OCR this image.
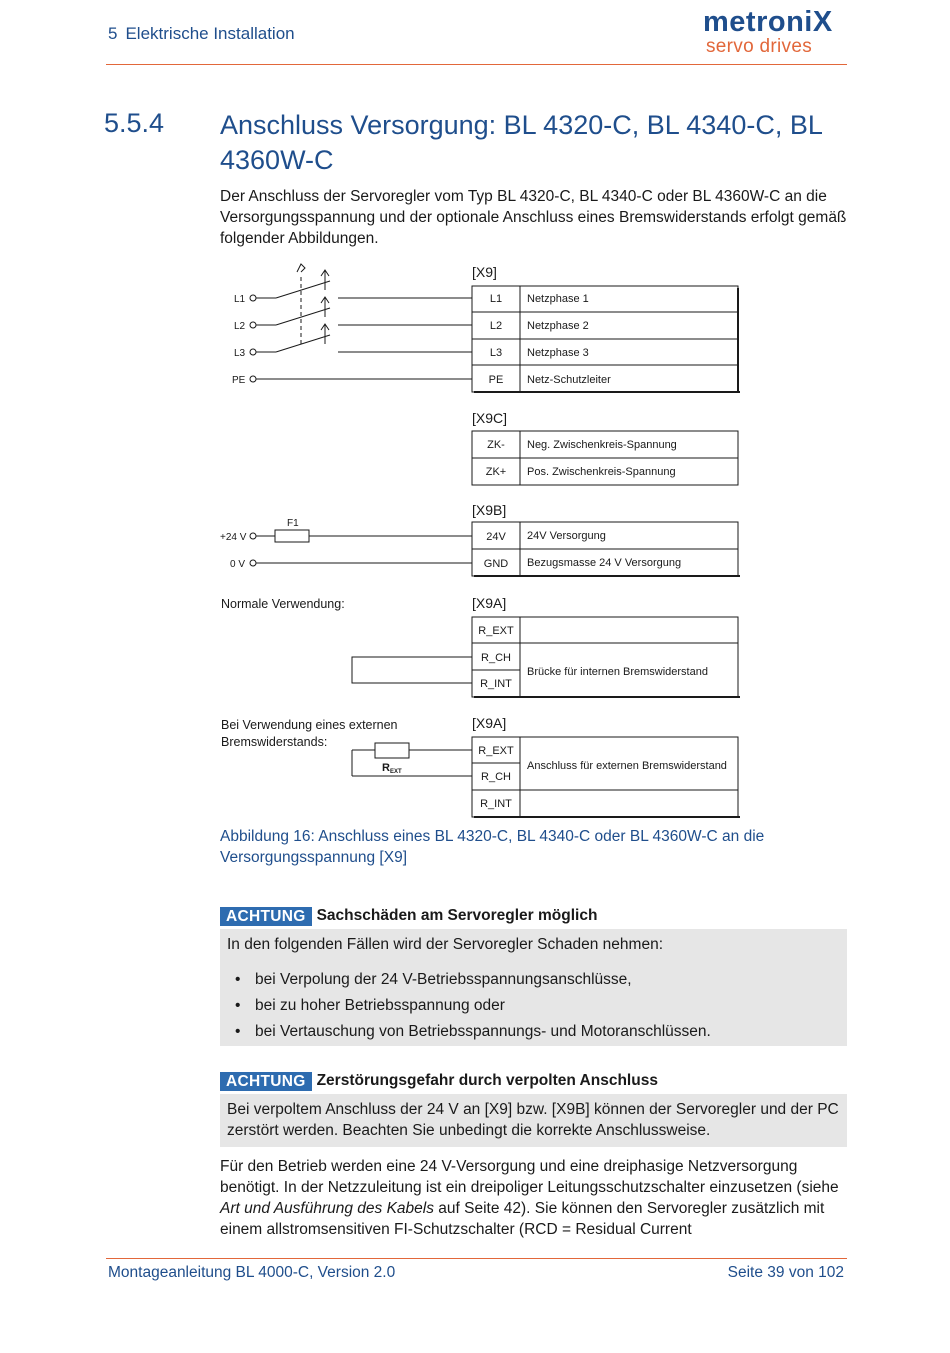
5 Elektrische Installation	metroniX
servo drives
5.5.4 Anschluss Versorgung: BL 4320-C, BL 4340-C, BL 4360W-C
Der Anschluss der Servoregler vom Typ BL 4320-C, BL 4340-C oder BL 4360W-C an die Versorgungsspannung und der optionale Anschluss eines Bremswiderstands erfolgt gemäß folgender Abbildungen.
L1
L2
L3
PE
+24 V
0 V
F1
[X9]
[X9C]
[X9B]
[X9A]
[X9A]
Normale Verwendung:
Bei Verwendung eines externen
Bremswiderstands:
REXT
L1 Netzphase 1
L2 Netzphase 2
L3 Netzphase 3
PE Netz-Schutzleiter
ZK- Neg. Zwischenkreis-Spannung
ZK+ Pos. Zwischenkreis-Spannung
24V 24V Versorgung
GND Bezugsmasse 24 V Versorgung
R_EXT
R_CH
R_INT
Brücke für internen Bremswiderstand
R_EXT
R_CH
R_INT
Anschluss für externen Bremswiderstand
Abbildung 16: Anschluss eines BL 4320-C, BL 4340-C oder BL 4360W-C an die Versorgungsspannung [X9]
ACHTUNG Sachschäden am Servoregler möglich
In den folgenden Fällen wird der Servoregler Schaden nehmen:
• bei Verpolung der 24 V-Betriebsspannungsanschlüsse,
• bei zu hoher Betriebsspannung oder
• bei Vertauschung von Betriebsspannungs- und Motoranschlüssen.
ACHTUNG Zerstörungsgefahr durch verpolten Anschluss
Bei verpoltem Anschluss der 24 V an [X9] bzw. [X9B] können der Servoregler und der PC zerstört werden. Beachten Sie unbedingt die korrekte Anschlussweise.
Für den Betrieb werden eine 24 V-Versorgung und eine dreiphasige Netzversorgung benötigt. In der Netzzuleitung ist ein dreipoliger Leitungsschutzschalter einzusetzen (siehe Art und Ausführung des Kabels auf Seite 42). Sie können den Servoregler zusätzlich mit einem allstromsensitiven FI-Schutzschalter (RCD = Residual Current
Montageanleitung BL 4000-C, Version 2.0	Seite 39 von 102
